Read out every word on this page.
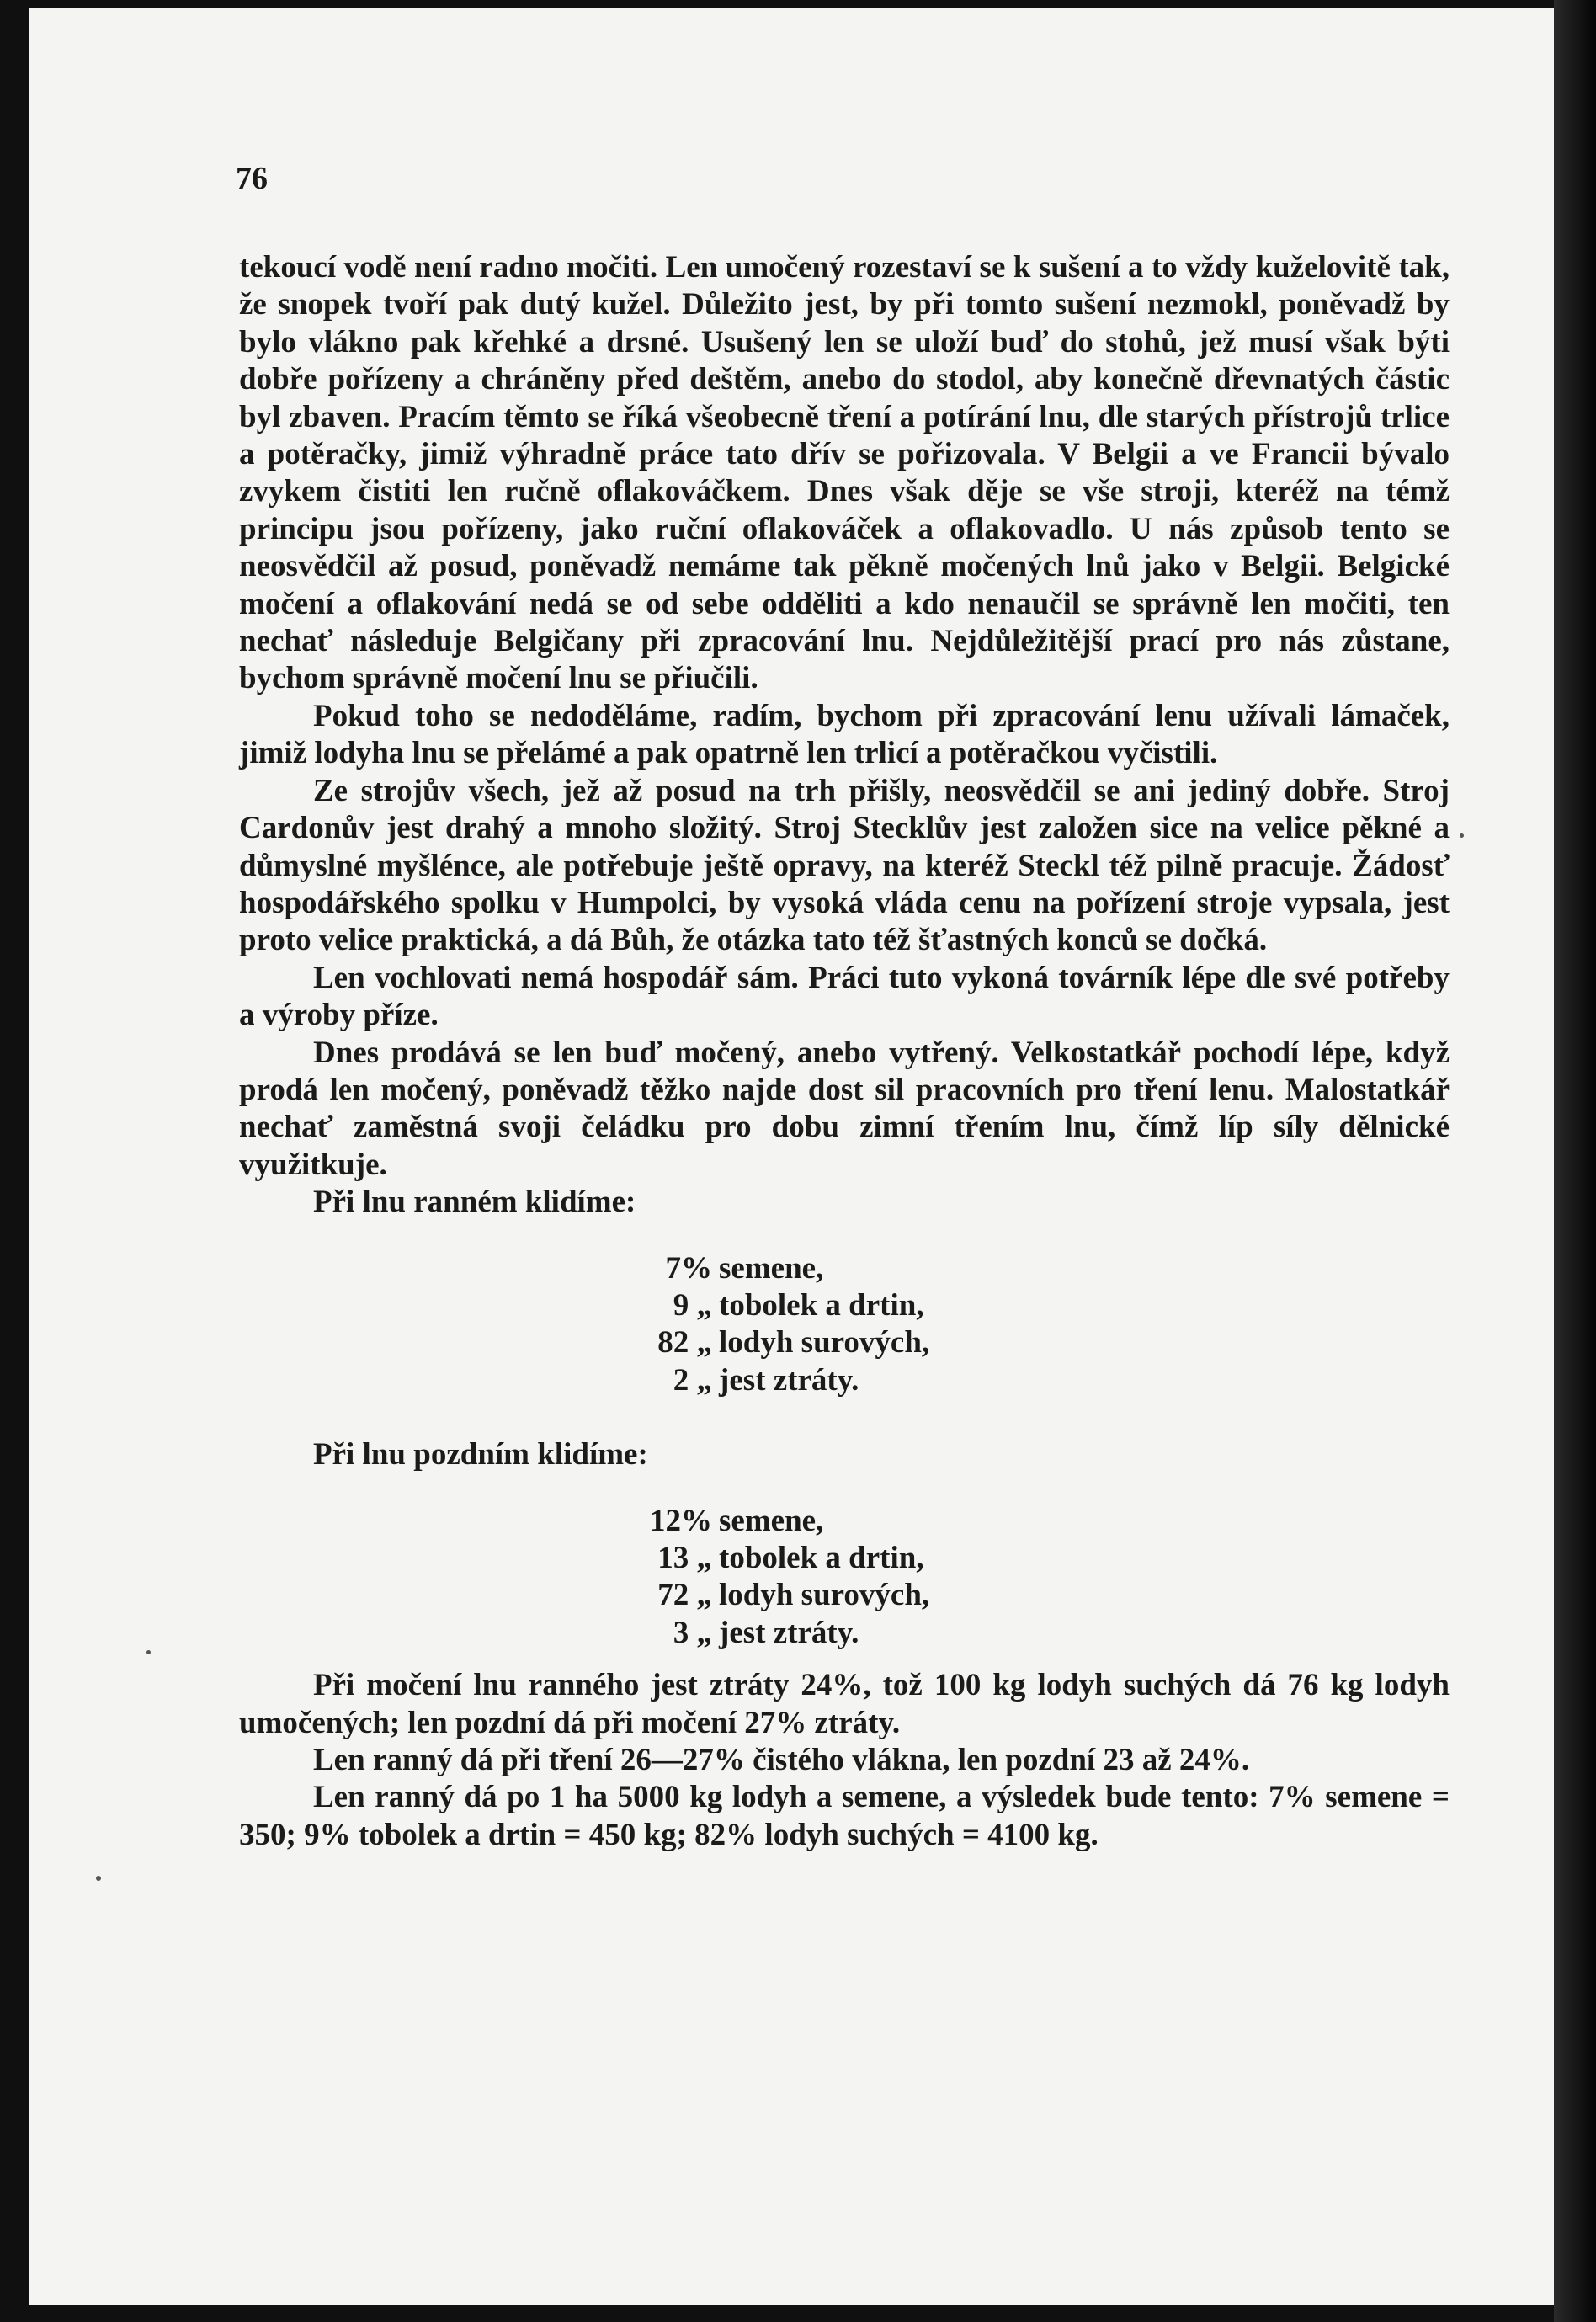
76

tekoucí vodě není radno močiti. Len umočený rozestaví se k sušení a to vždy kuželovitě tak, že snopek tvoří pak dutý kužel. Důležito jest, by při tomto sušení nezmokl, poněvadž by bylo vlákno pak křehké a drsné. Usušený len se uloží buď do stohů, jež musí však býti dobře pořízeny a chráněny před deštěm, anebo do stodol, aby konečně dřevnatých částic byl zbaven. Pracím těmto se říká všeobecně tření a potírání lnu, dle starých přístrojů trlice a potěračky, jimiž výhradně práce tato dřív se pořizovala. V Belgii a ve Francii bývalo zvykem čistiti len ručně oflakováčkem. Dnes však děje se vše stroji, kteréž na témž principu jsou pořízeny, jako ruční oflakováček a oflakovadlo. U nás způsob tento se neosvědčil až posud, poněvadž nemáme tak pěkně močených lnů jako v Belgii. Belgické močení a oflakování nedá se od sebe odděliti a kdo nenaučil se správně len močiti, ten nechať následuje Belgičany při zpracování lnu. Nejdůležitější prací pro nás zůstane, bychom správně močení lnu se přiučili.

Pokud toho se nedoděláme, radím, bychom při zpracování lenu užívali lámaček, jimiž lodyha lnu se přelámé a pak opatrně len trlicí a potěračkou vyčistili.

Ze strojův všech, jež až posud na trh přišly, neosvědčil se ani jediný dobře. Stroj Cardonův jest drahý a mnoho složitý. Stroj Stecklův jest založen sice na velice pěkné a důmyslné myšlénce, ale potřebuje ještě opravy, na kteréž Steckl též pilně pracuje. Žádosť hospodářského spolku v Humpolci, by vysoká vláda cenu na pořízení stroje vypsala, jest proto velice praktická, a dá Bůh, že otázka tato též šťastných konců se dočká.

Len vochlovati nemá hospodář sám. Práci tuto vykoná továrník lépe dle své potřeby a výroby příze.

Dnes prodává se len buď močený, anebo vytřený. Velkostatkář pochodí lépe, když prodá len močený, poněvadž těžko najde dost sil pracovních pro tření lenu. Malostatkář nechať zaměstná svoji čeládku pro dobu zimní třením lnu, čímž líp síly dělnické využitkuje.

Při lnu ranném klidíme:

7% semene,
9 „ tobolek a drtin,
82 „ lodyh surových,
2 „ jest ztráty.

Při lnu pozdním klidíme:

12% semene,
13 „ tobolek a drtin,
72 „ lodyh surových,
3 „ jest ztráty.

Při močení lnu ranného jest ztráty 24%, tož 100 kg lodyh suchých dá 76 kg lodyh umočených; len pozdní dá při močení 27% ztráty.

Len ranný dá při tření 26—27% čistého vlákna, len pozdní 23 až 24%.

Len ranný dá po 1 ha 5000 kg lodyh a semene, a výsledek bude tento: 7% semene = 350; 9% tobolek a drtin = 450 kg; 82% lodyh suchých = 4100 kg.
